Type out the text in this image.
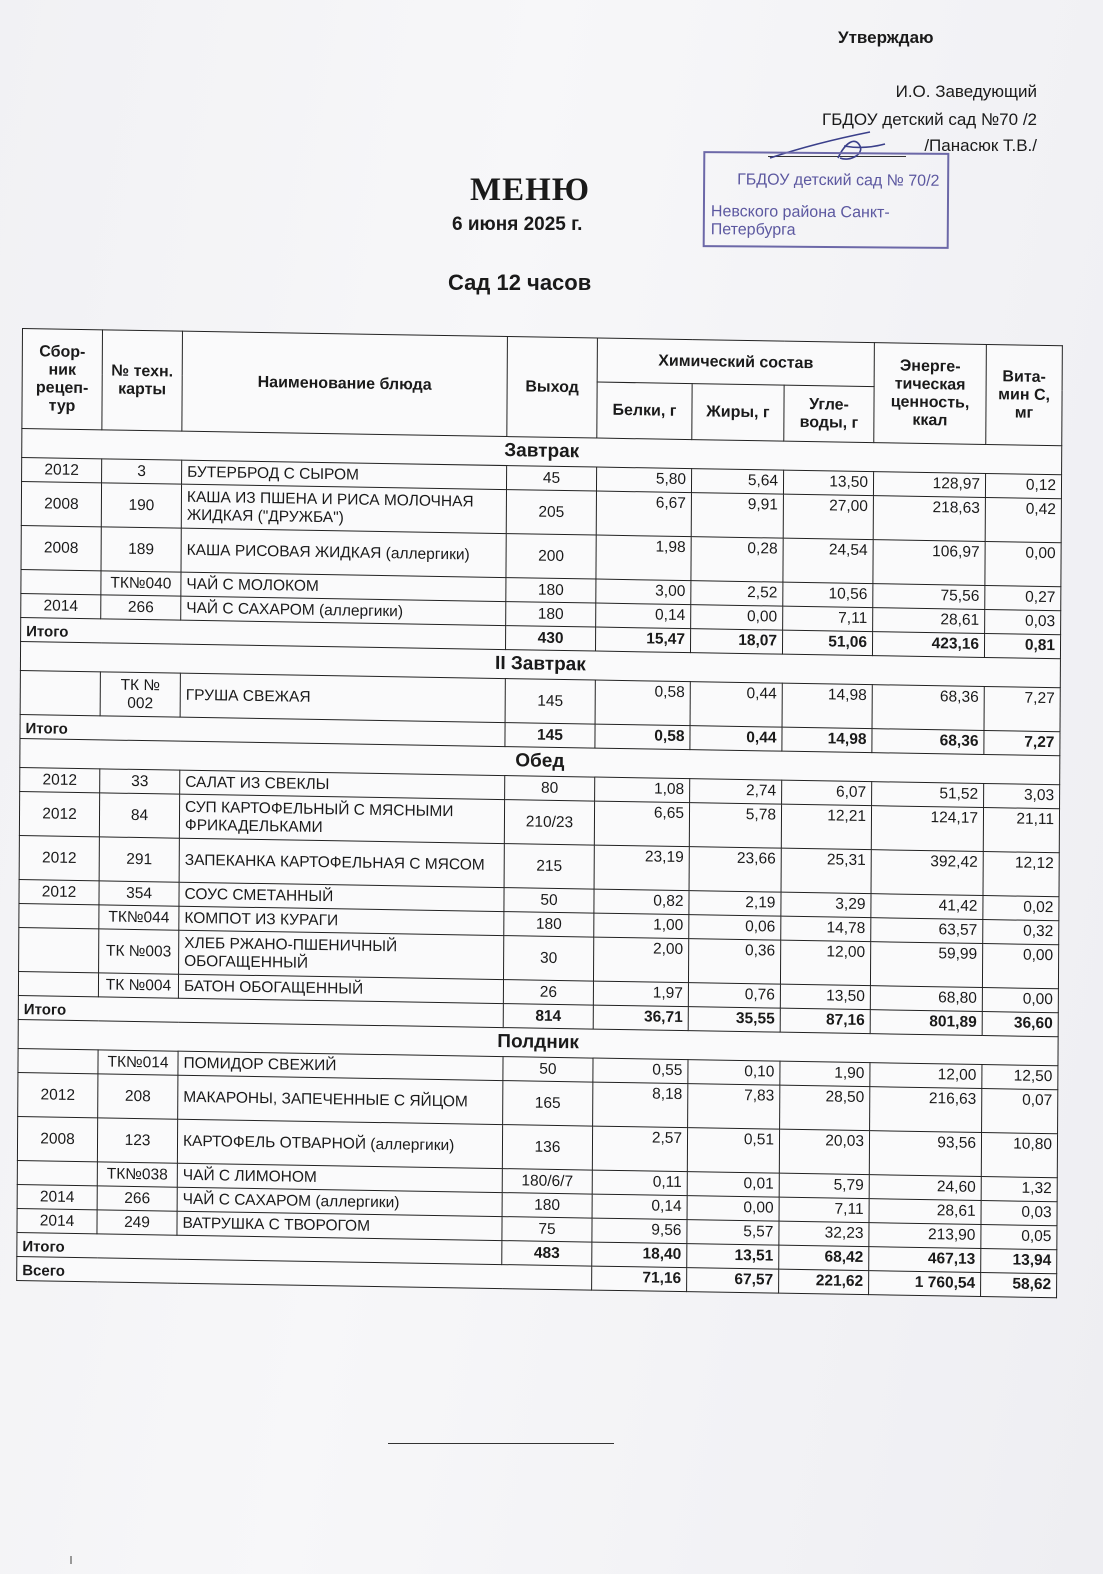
Утверждаю
И.О. Заведующий
ГБДОУ детский сад №70 /2
/Панасюк Т.В./
ГБДОУ детский сад № 70/2
Невского района Санкт-Петербурга
МЕНЮ
6 июня 2025 г.
Сад 12 часов
Сбор-ник рецеп-тур	№ техн. карты	Наименование блюда	Выход	Химический состав			Энерге-тическая ценность, ккал	Вита-мин С, мг
				Белки, г	Жиры, г	Угле-воды, г		
Завтрак								
2012	3	БУТЕРБРОД С СЫРОМ	45	5,80	5,64	13,50	128,97	0,12
2008	190	КАША ИЗ ПШЕНА И РИСА МОЛОЧНАЯ ЖИДКАЯ ("ДРУЖБА")	205	6,67	9,91	27,00	218,63	0,42
2008	189	КАША РИСОВАЯ ЖИДКАЯ (аллергики)	200	1,98	0,28	24,54	106,97	0,00
	ТК№040	ЧАЙ С МОЛОКОМ	180	3,00	2,52	10,56	75,56	0,27
2014	266	ЧАЙ С САХАРОМ (аллергики)	180	0,14	0,00	7,11	28,61	0,03
Итого			430	15,47	18,07	51,06	423,16	0,81
II Завтрак								
	ТК № 002	ГРУША СВЕЖАЯ	145	0,58	0,44	14,98	68,36	7,27
Итого			145	0,58	0,44	14,98	68,36	7,27
Обед								
2012	33	САЛАТ ИЗ СВЕКЛЫ	80	1,08	2,74	6,07	51,52	3,03
2012	84	СУП КАРТОФЕЛЬНЫЙ С МЯСНЫМИ ФРИКАДЕЛЬКАМИ	210/23	6,65	5,78	12,21	124,17	21,11
2012	291	ЗАПЕКАНКА КАРТОФЕЛЬНАЯ С МЯСОМ	215	23,19	23,66	25,31	392,42	12,12
2012	354	СОУС СМЕТАННЫЙ	50	0,82	2,19	3,29	41,42	0,02
	ТК№044	КОМПОТ ИЗ КУРАГИ	180	1,00	0,06	14,78	63,57	0,32
	ТК №003	ХЛЕБ РЖАНО-ПШЕНИЧНЫЙ ОБОГАЩЕННЫЙ	30	2,00	0,36	12,00	59,99	0,00
	ТК №004	БАТОН ОБОГАЩЕННЫЙ	26	1,97	0,76	13,50	68,80	0,00
Итого			814	36,71	35,55	87,16	801,89	36,60
Полдник								
	ТК№014	ПОМИДОР СВЕЖИЙ	50	0,55	0,10	1,90	12,00	12,50
2012	208	МАКАРОНЫ, ЗАПЕЧЕННЫЕ С ЯЙЦОМ	165	8,18	7,83	28,50	216,63	0,07
2008	123	КАРТОФЕЛЬ ОТВАРНОЙ (аллергики)	136	2,57	0,51	20,03	93,56	10,80
	ТК№038	ЧАЙ С ЛИМОНОМ	180/6/7	0,11	0,01	5,79	24,60	1,32
2014	266	ЧАЙ С САХАРОМ (аллергики)	180	0,14	0,00	7,11	28,61	0,03
2014	249	ВАТРУШКА С ТВОРОГОМ	75	9,56	5,57	32,23	213,90	0,05
Итого			483	18,40	13,51	68,42	467,13	13,94
Всего				71,16	67,57	221,62	1 760,54	58,62
